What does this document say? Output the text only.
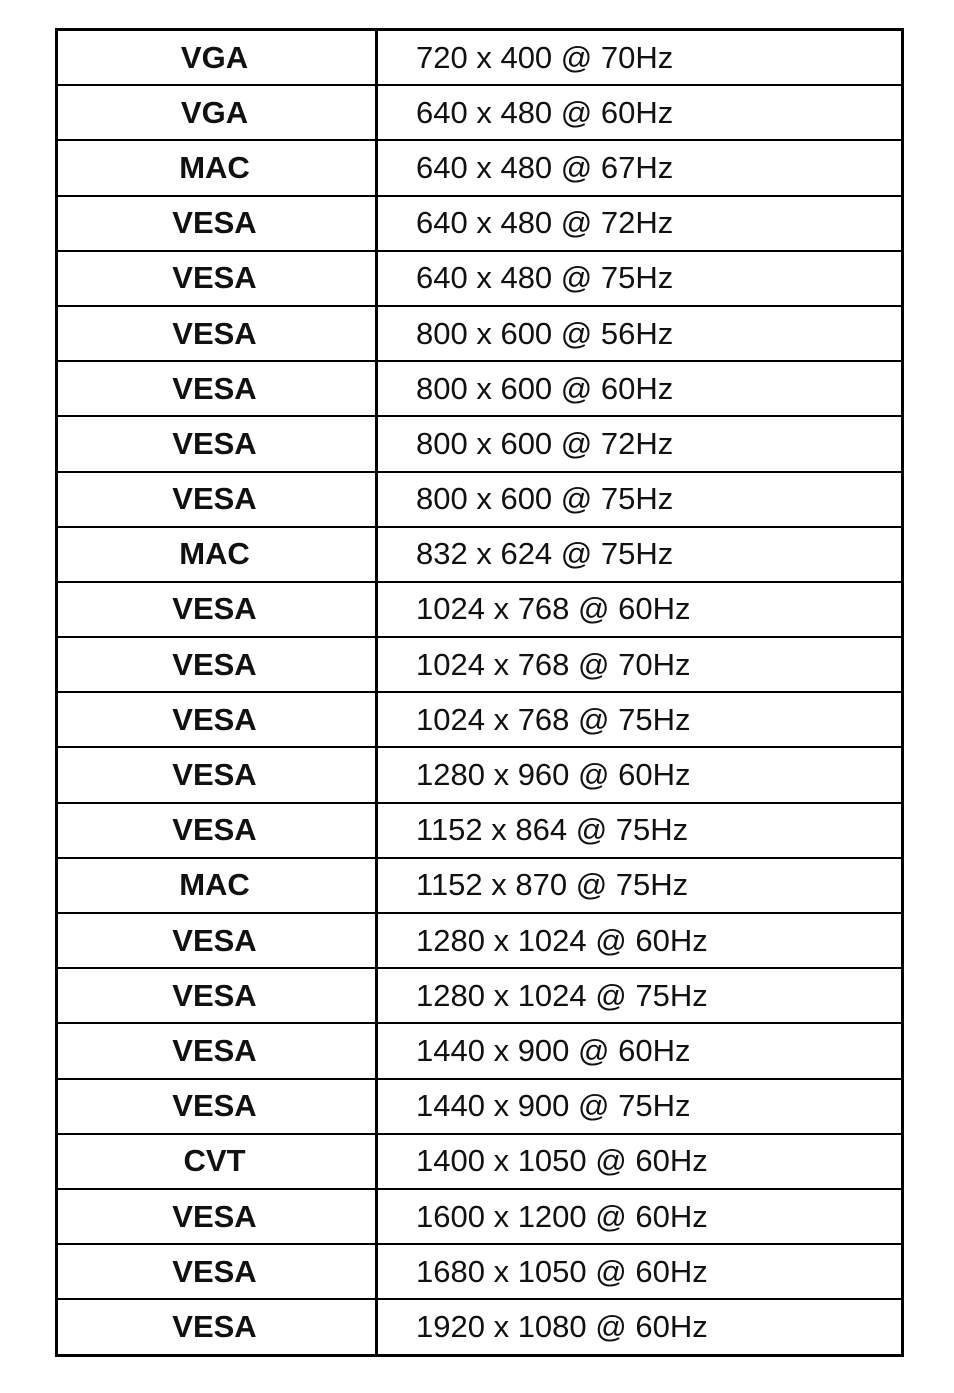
VGA	720 x 400 @ 70Hz
VGA	640 x 480 @ 60Hz
MAC	640 x 480 @ 67Hz
VESA	640 x 480 @ 72Hz
VESA	640 x 480 @ 75Hz
VESA	800 x 600 @ 56Hz
VESA	800 x 600 @ 60Hz
VESA	800 x 600 @ 72Hz
VESA	800 x 600 @ 75Hz
MAC	832 x 624 @ 75Hz
VESA	1024 x 768 @ 60Hz
VESA	1024 x 768 @ 70Hz
VESA	1024 x 768 @ 75Hz
VESA	1280 x 960 @ 60Hz
VESA	1152 x 864 @ 75Hz
MAC	1152 x 870 @ 75Hz
VESA	1280 x 1024 @ 60Hz
VESA	1280 x 1024 @ 75Hz
VESA	1440 x 900 @ 60Hz
VESA	1440 x 900 @ 75Hz
CVT	1400 x 1050 @ 60Hz
VESA	1600 x 1200 @ 60Hz
VESA	1680 x 1050 @ 60Hz
VESA	1920 x 1080 @ 60Hz
